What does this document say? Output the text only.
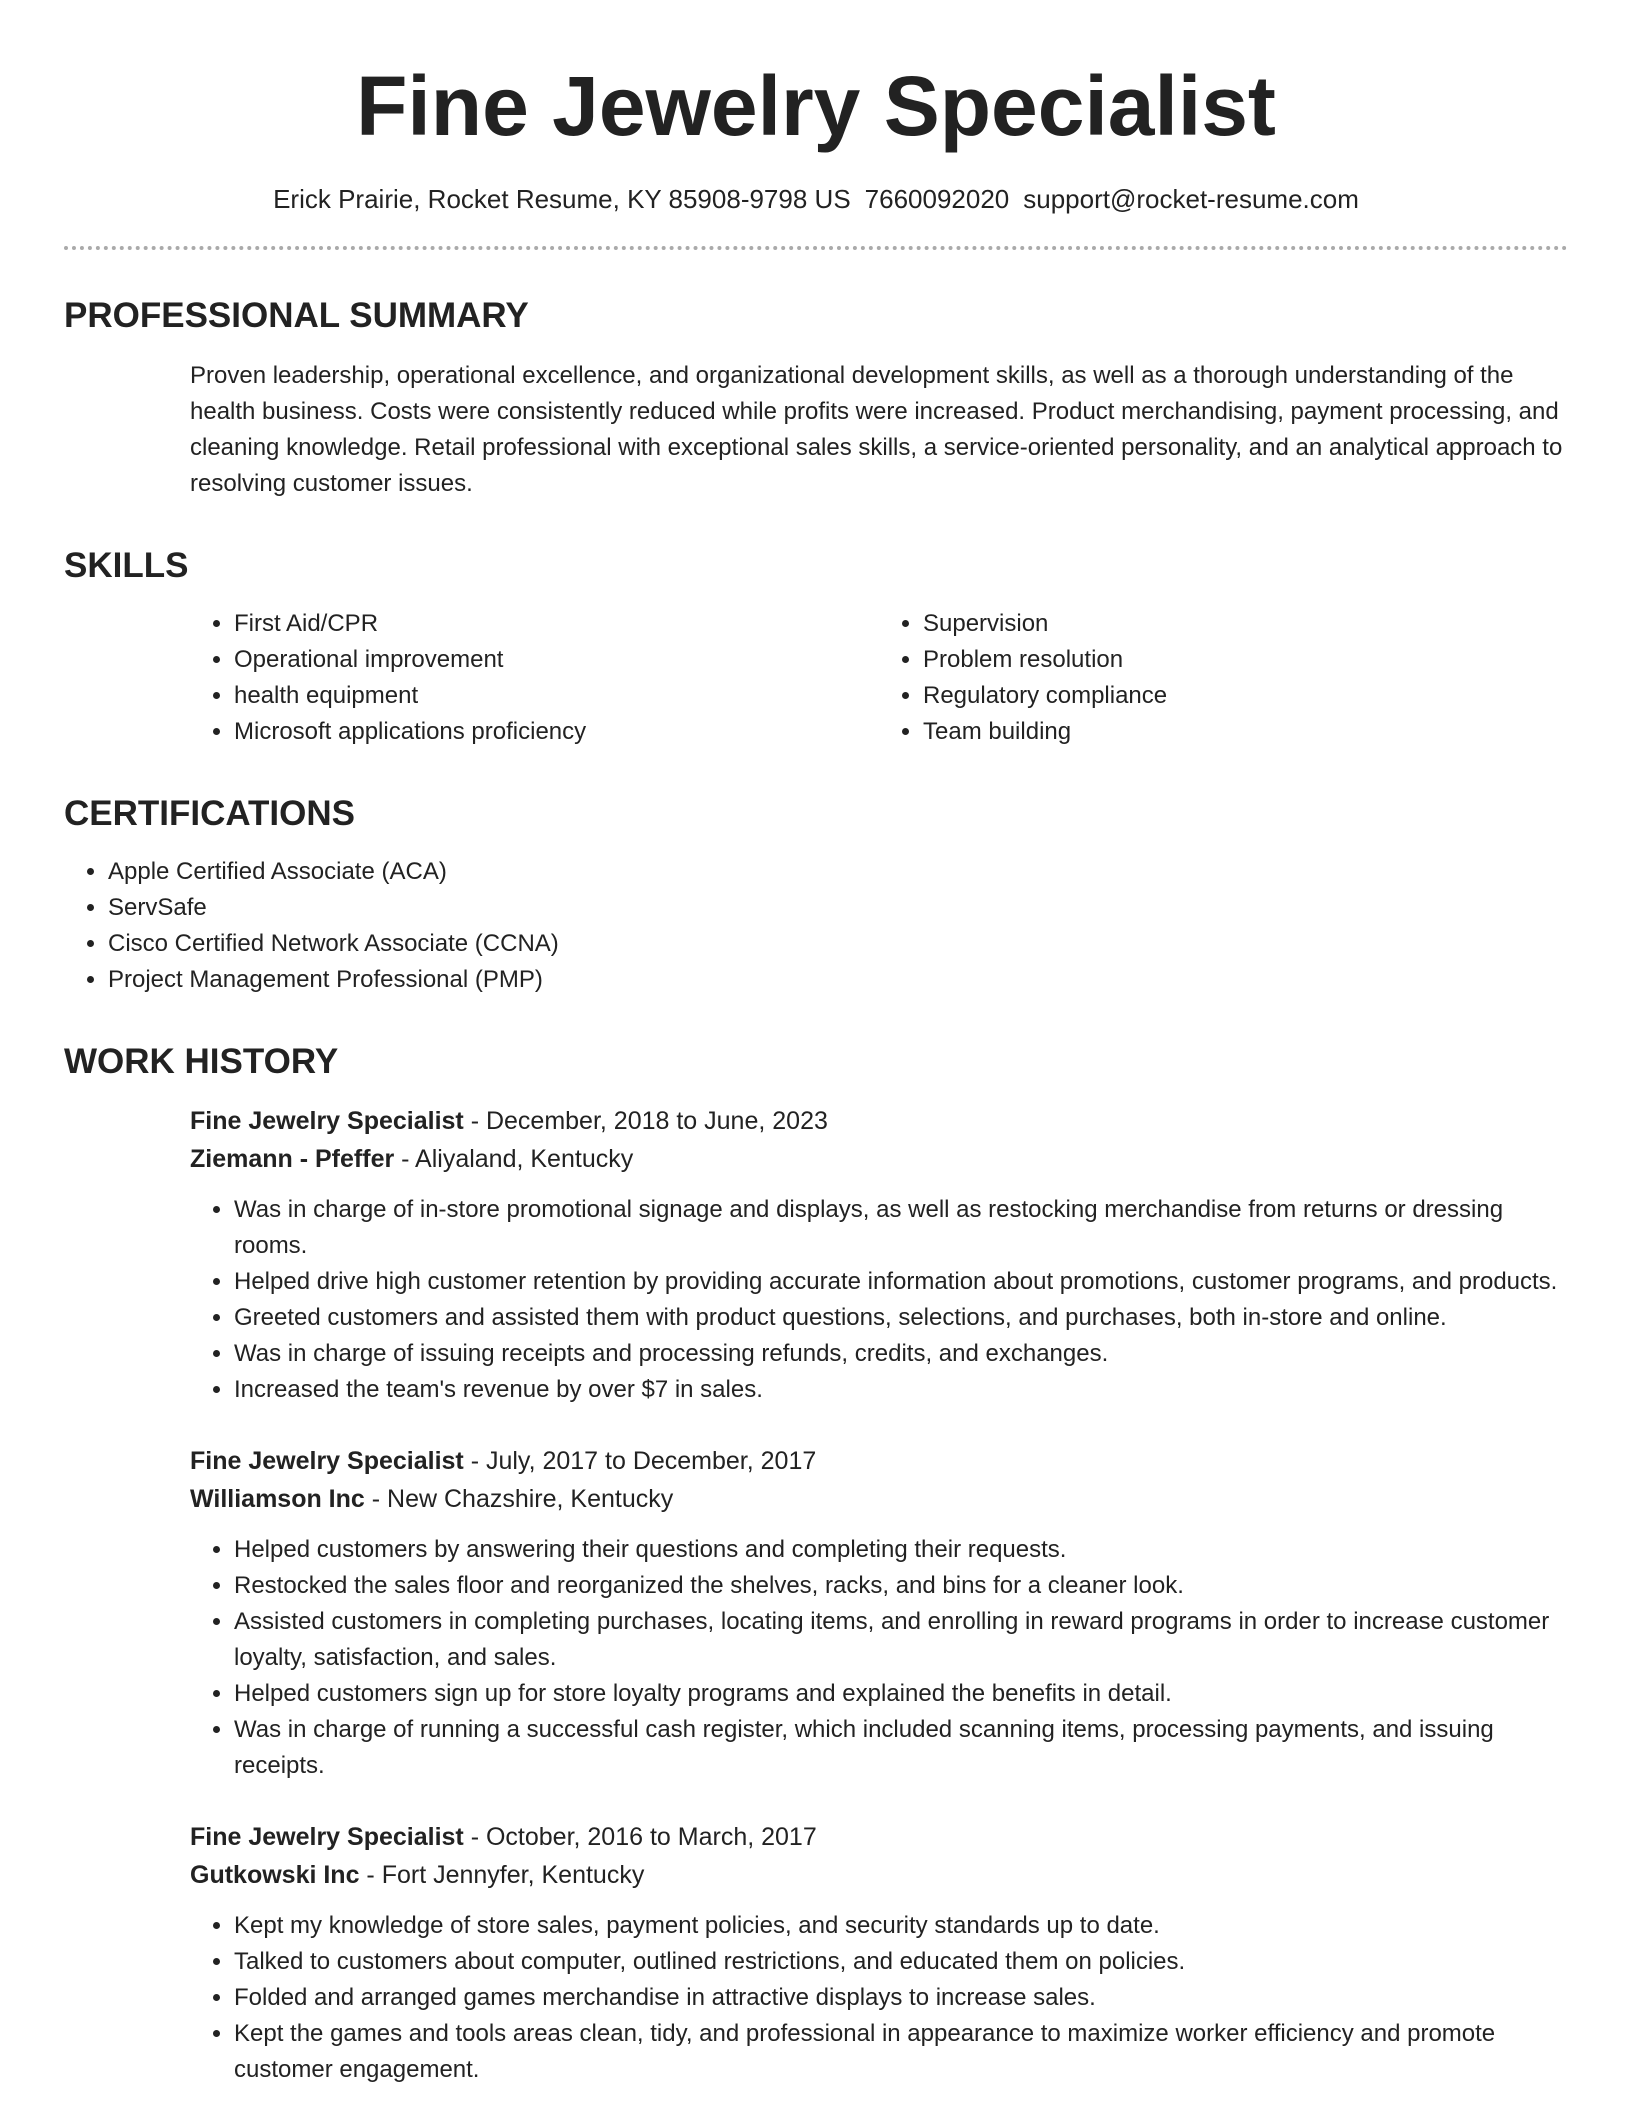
Fine Jewelry Specialist
Erick Prairie, Rocket Resume, KY 85908-9798 US 7660092020 support@rocket-resume.com
PROFESSIONAL SUMMARY
Proven leadership, operational excellence, and organizational development skills, as well as a thorough understanding of the health business. Costs were consistently reduced while profits were increased. Product merchandising, payment processing, and cleaning knowledge. Retail professional with exceptional sales skills, a service-oriented personality, and an analytical approach to resolving customer issues.
SKILLS
• First Aid/CPR
• Operational improvement
• health equipment
• Microsoft applications proficiency
• Supervision
• Problem resolution
• Regulatory compliance
• Team building
CERTIFICATIONS
• Apple Certified Associate (ACA)
• ServSafe
• Cisco Certified Network Associate (CCNA)
• Project Management Professional (PMP)
WORK HISTORY
Fine Jewelry Specialist - December, 2018 to June, 2023
Ziemann - Pfeffer - Aliyaland, Kentucky
• Was in charge of in-store promotional signage and displays, as well as restocking merchandise from returns or dressing rooms.
• Helped drive high customer retention by providing accurate information about promotions, customer programs, and products.
• Greeted customers and assisted them with product questions, selections, and purchases, both in-store and online.
• Was in charge of issuing receipts and processing refunds, credits, and exchanges.
• Increased the team's revenue by over $7 in sales.
Fine Jewelry Specialist - July, 2017 to December, 2017
Williamson Inc - New Chazshire, Kentucky
• Helped customers by answering their questions and completing their requests.
• Restocked the sales floor and reorganized the shelves, racks, and bins for a cleaner look.
• Assisted customers in completing purchases, locating items, and enrolling in reward programs in order to increase customer loyalty, satisfaction, and sales.
• Helped customers sign up for store loyalty programs and explained the benefits in detail.
• Was in charge of running a successful cash register, which included scanning items, processing payments, and issuing receipts.
Fine Jewelry Specialist - October, 2016 to March, 2017
Gutkowski Inc - Fort Jennyfer, Kentucky
• Kept my knowledge of store sales, payment policies, and security standards up to date.
• Talked to customers about computer, outlined restrictions, and educated them on policies.
• Folded and arranged games merchandise in attractive displays to increase sales.
• Kept the games and tools areas clean, tidy, and professional in appearance to maximize worker efficiency and promote customer engagement.
